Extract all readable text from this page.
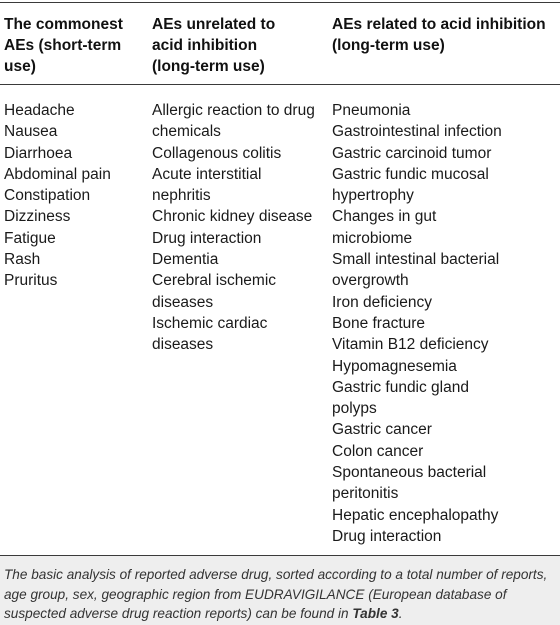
The commonest
AEs (short-term
use)
AEs unrelated to
acid inhibition
(long-term use)
AEs related to acid inhibition
(long-term use)
Headache
Nausea
Diarrhoea
Abdominal pain
Constipation
Dizziness
Fatigue
Rash
Pruritus
Allergic reaction to drug
chemicals
Collagenous colitis
Acute interstitial
nephritis
Chronic kidney disease
Drug interaction
Dementia
Cerebral ischemic
diseases
Ischemic cardiac
diseases
Pneumonia
Gastrointestinal infection
Gastric carcinoid tumor
Gastric fundic mucosal
hypertrophy
Changes in gut
microbiome
Small intestinal bacterial
overgrowth
Iron deficiency
Bone fracture
Vitamin B12 deficiency
Hypomagnesemia
Gastric fundic gland
polyps
Gastric cancer
Colon cancer
Spontaneous bacterial
peritonitis
Hepatic encephalopathy
Drug interaction

The basic analysis of reported adverse drug, sorted according to a total number of reports, age group, sex, geographic region from EUDRAVIGILANCE (European database of suspected adverse drug reaction reports) can be found in Table 3.
